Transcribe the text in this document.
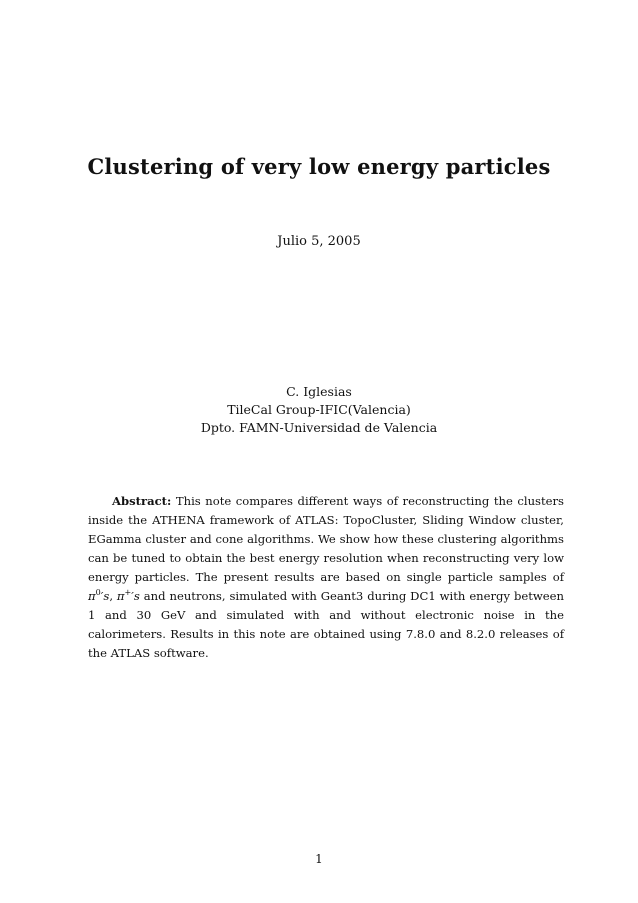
Clustering of very low energy particles
Julio 5, 2005
C. Iglesias
TileCal Group-IFIC(Valencia)
Dpto. FAMN-Universidad de Valencia

Abstract: This note compares different ways of reconstructing the clusters inside the ATHENA framework of ATLAS: TopoCluster, Sliding Window cluster, EGamma cluster and cone algorithms. We show how these clustering algorithms can be tuned to obtain the best energy resolution when reconstructing very low energy particles. The present results are based on single particle samples of $\pi^0's$, π+′s and neutrons, simulated with Geant3 during DC1 with energy between 1 and 30 GeV and simulated with and without electronic noise in the calorimeters. Results in this note are obtained using 7.8.0 and 8.2.0 releases of the ATLAS software.

1
